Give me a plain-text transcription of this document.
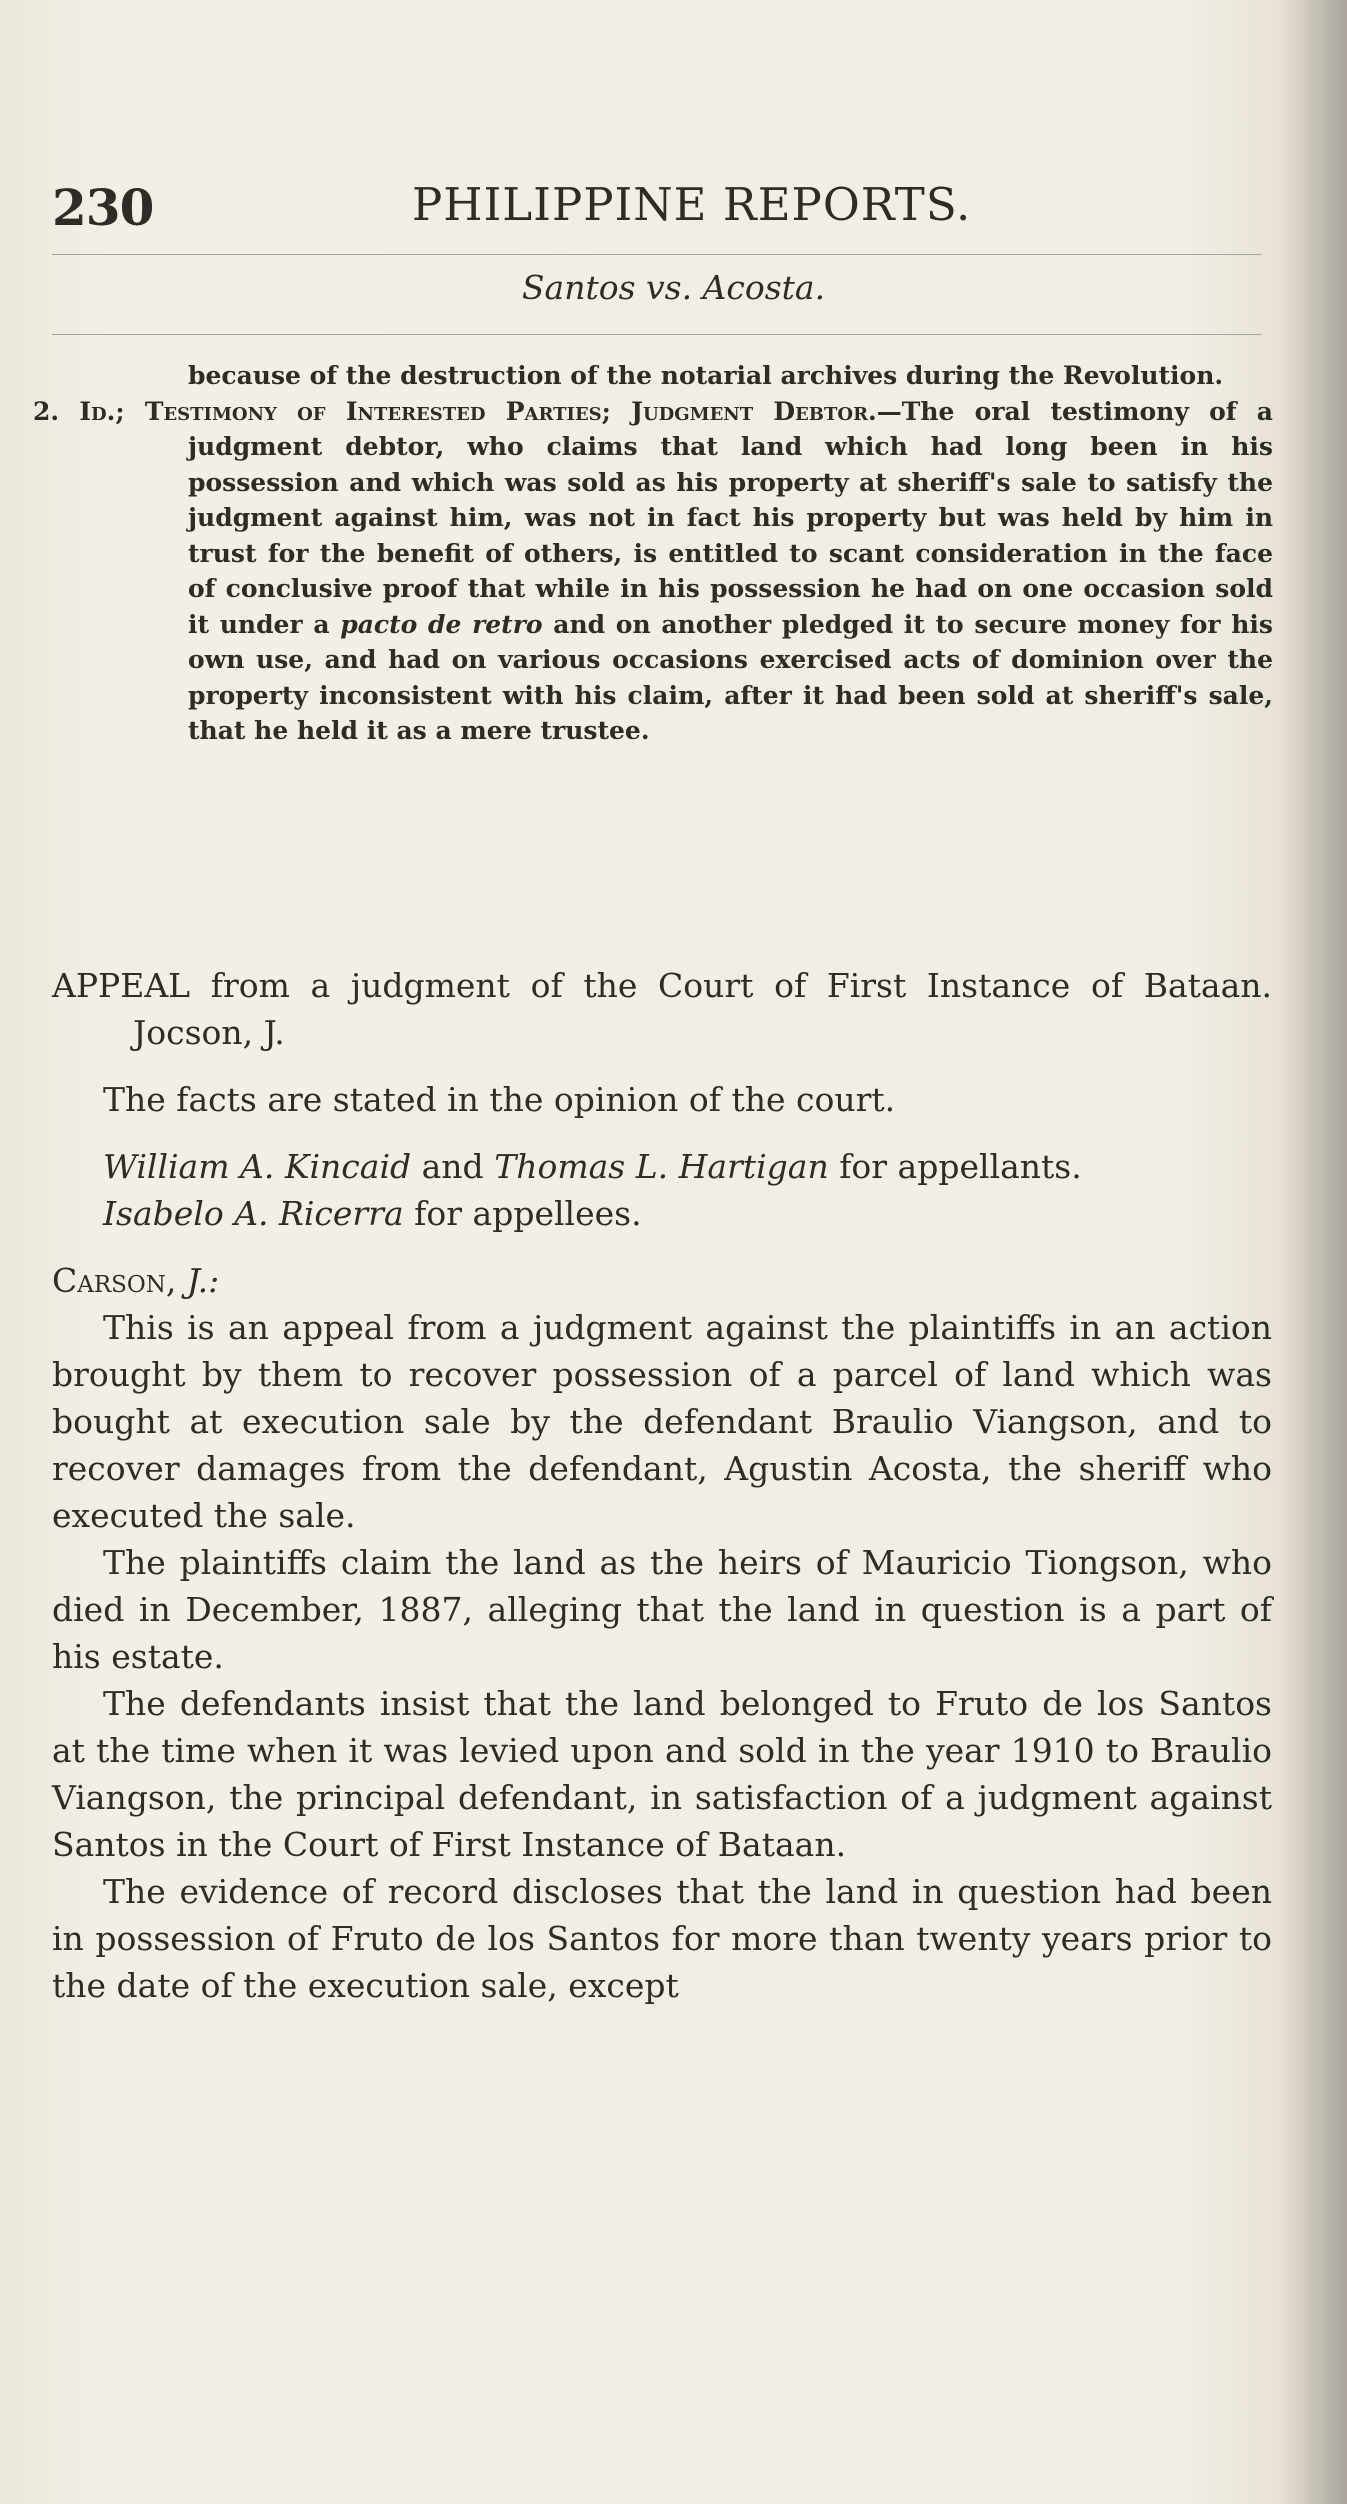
230	PHILIPPINE REPORTS.
Santos vs. Acosta.

because of the destruction of the notarial archives during the Revolution.

2. Id.; Testimony of Interested Parties; Judgment Debtor.—The oral testimony of a judgment debtor, who claims that land which had long been in his possession and which was sold as his property at sheriff's sale to satisfy the judgment against him, was not in fact his property but was held by him in trust for the benefit of others, is entitled to scant consideration in the face of conclusive proof that while in his possession he had on one occasion sold it under a pacto de retro and on another pledged it to secure money for his own use, and had on various occasions exercised acts of dominion over the property inconsistent with his claim, after it had been sold at sheriff's sale, that he held it as a mere trustee.

APPEAL from a judgment of the Court of First Instance of Bataan. Jocson, J.

The facts are stated in the opinion of the court.

William A. Kincaid and Thomas L. Hartigan for appellants.

Isabelo A. Ricerra for appellees.

Carson, J.:

This is an appeal from a judgment against the plaintiffs in an action brought by them to recover possession of a parcel of land which was bought at execution sale by the defendant Braulio Viangson, and to recover damages from the defendant, Agustin Acosta, the sheriff who executed the sale.

The plaintiffs claim the land as the heirs of Mauricio Tiongson, who died in December, 1887, alleging that the land in question is a part of his estate.

The defendants insist that the land belonged to Fruto de los Santos at the time when it was levied upon and sold in the year 1910 to Braulio Viangson, the principal defendant, in satisfaction of a judgment against Santos in the Court of First Instance of Bataan.

The evidence of record discloses that the land in question had been in possession of Fruto de los Santos for more than twenty years prior to the date of the execution sale, except
